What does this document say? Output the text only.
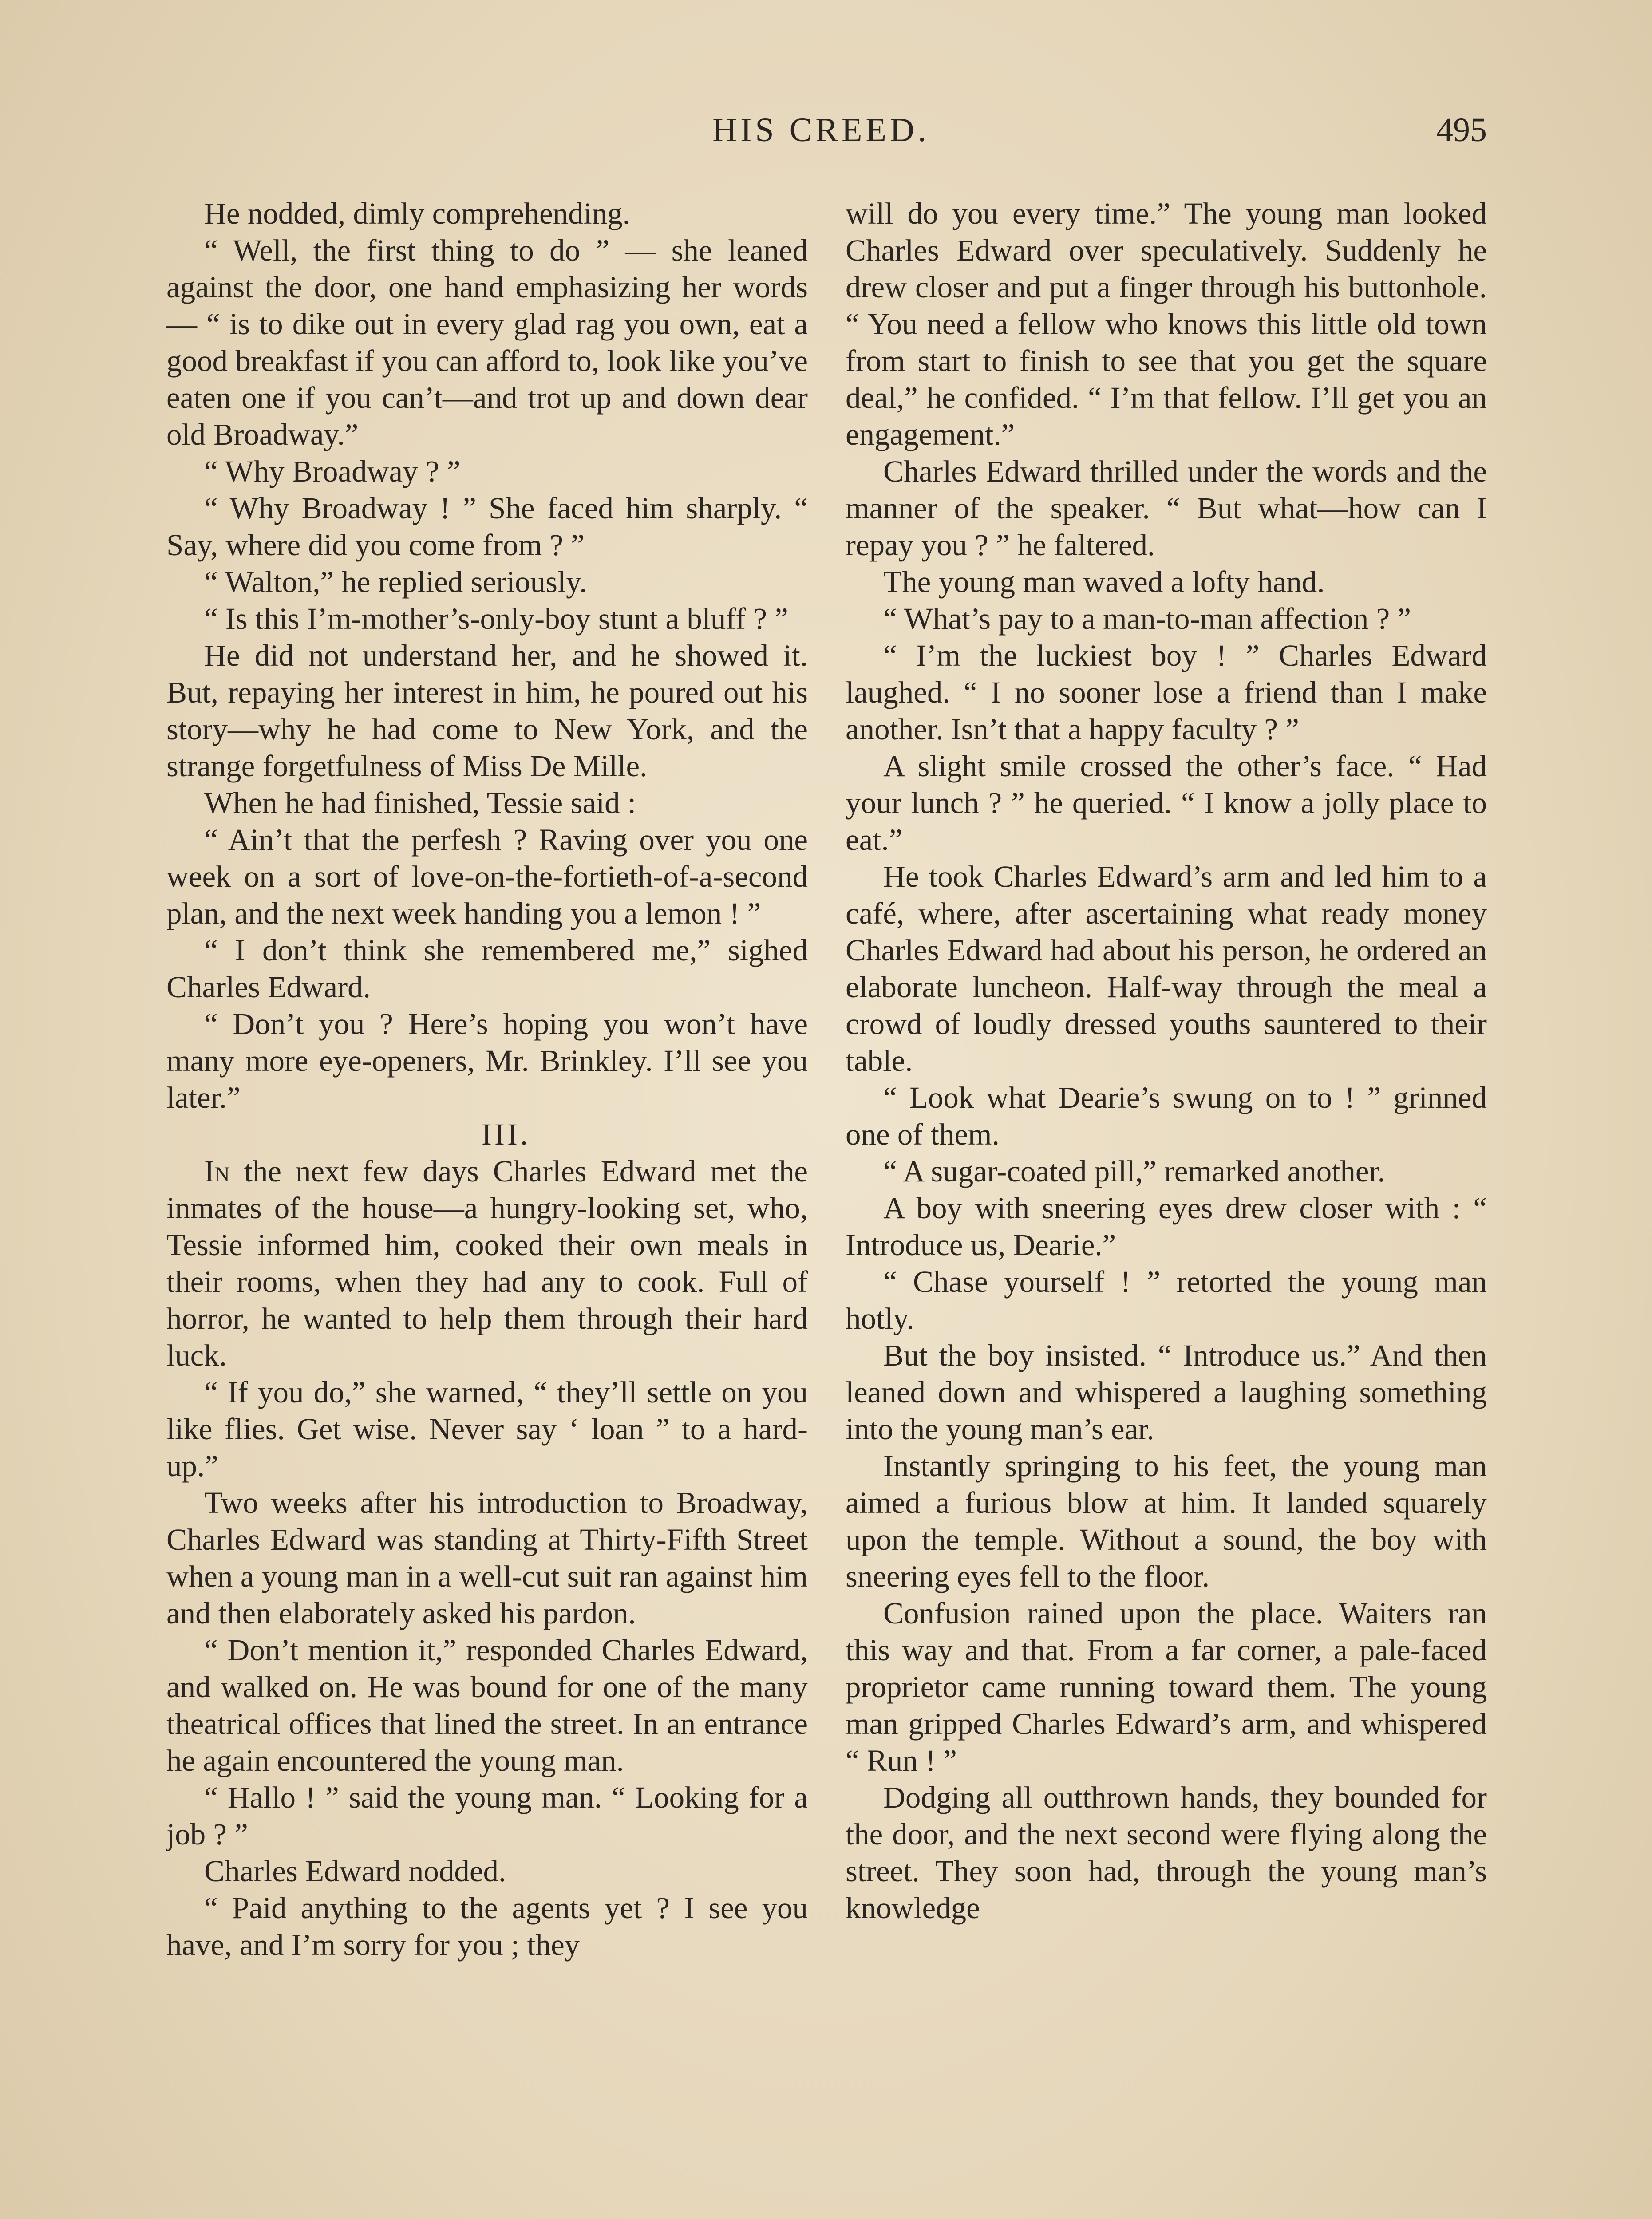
HIS CREED.	495

He nodded, dimly comprehending.

“ Well, the first thing to do ” — she leaned against the door, one hand emphasizing her words — “ is to dike out in every glad rag you own, eat a good breakfast if you can afford to, look like you’ve eaten one if you can’t—and trot up and down dear old Broadway.”

“ Why Broadway ? ”

“ Why Broadway ! ” She faced him sharply. “ Say, where did you come from ? ”

“ Walton,” he replied seriously.

“ Is this I’m-mother’s-only-boy stunt a bluff ? ”

He did not understand her, and he showed it. But, repaying her interest in him, he poured out his story—why he had come to New York, and the strange forgetfulness of Miss De Mille.

When he had finished, Tessie said :

“ Ain’t that the perfesh ? Raving over you one week on a sort of love-on-the-fortieth-of-a-second plan, and the next week handing you a lemon ! ”

“ I don’t think she remembered me,” sighed Charles Edward.

“ Don’t you ? Here’s hoping you won’t have many more eye-openers, Mr. Brinkley. I’ll see you later.”

III.

In the next few days Charles Edward met the inmates of the house—a hungry-looking set, who, Tessie informed him, cooked their own meals in their rooms, when they had any to cook. Full of horror, he wanted to help them through their hard luck.

“ If you do,” she warned, “ they’ll settle on you like flies. Get wise. Never say ‘ loan ” to a hard-up.”

Two weeks after his introduction to Broadway, Charles Edward was standing at Thirty-Fifth Street when a young man in a well-cut suit ran against him and then elaborately asked his pardon.

“ Don’t mention it,” responded Charles Edward, and walked on. He was bound for one of the many theatrical offices that lined the street. In an entrance he again encountered the young man.

“ Hallo ! ” said the young man. “ Looking for a job ? ”

Charles Edward nodded.

“ Paid anything to the agents yet ? I see you have, and I’m sorry for you ; they

will do you every time.” The young man looked Charles Edward over speculatively. Suddenly he drew closer and put a finger through his buttonhole. “ You need a fellow who knows this little old town from start to finish to see that you get the square deal,” he confided. “ I’m that fellow. I’ll get you an engagement.”

Charles Edward thrilled under the words and the manner of the speaker. “ But what—how can I repay you ? ” he faltered.

The young man waved a lofty hand.

“ What’s pay to a man-to-man affection ? ”

“ I’m the luckiest boy ! ” Charles Edward laughed. “ I no sooner lose a friend than I make another. Isn’t that a happy faculty ? ”

A slight smile crossed the other’s face. “ Had your lunch ? ” he queried. “ I know a jolly place to eat.”

He took Charles Edward’s arm and led him to a café, where, after ascertaining what ready money Charles Edward had about his person, he ordered an elaborate luncheon. Half-way through the meal a crowd of loudly dressed youths sauntered to their table.

“ Look what Dearie’s swung on to ! ” grinned one of them.

“ A sugar-coated pill,” remarked another.

A boy with sneering eyes drew closer with : “ Introduce us, Dearie.”

“ Chase yourself ! ” retorted the young man hotly.

But the boy insisted. “ Introduce us.” And then leaned down and whispered a laughing something into the young man’s ear.

Instantly springing to his feet, the young man aimed a furious blow at him. It landed squarely upon the temple. Without a sound, the boy with sneering eyes fell to the floor.

Confusion rained upon the place. Waiters ran this way and that. From a far corner, a pale-faced proprietor came running toward them. The young man gripped Charles Edward’s arm, and whispered “ Run ! ”

Dodging all outthrown hands, they bounded for the door, and the next second were flying along the street. They soon had, through the young man’s knowledge
